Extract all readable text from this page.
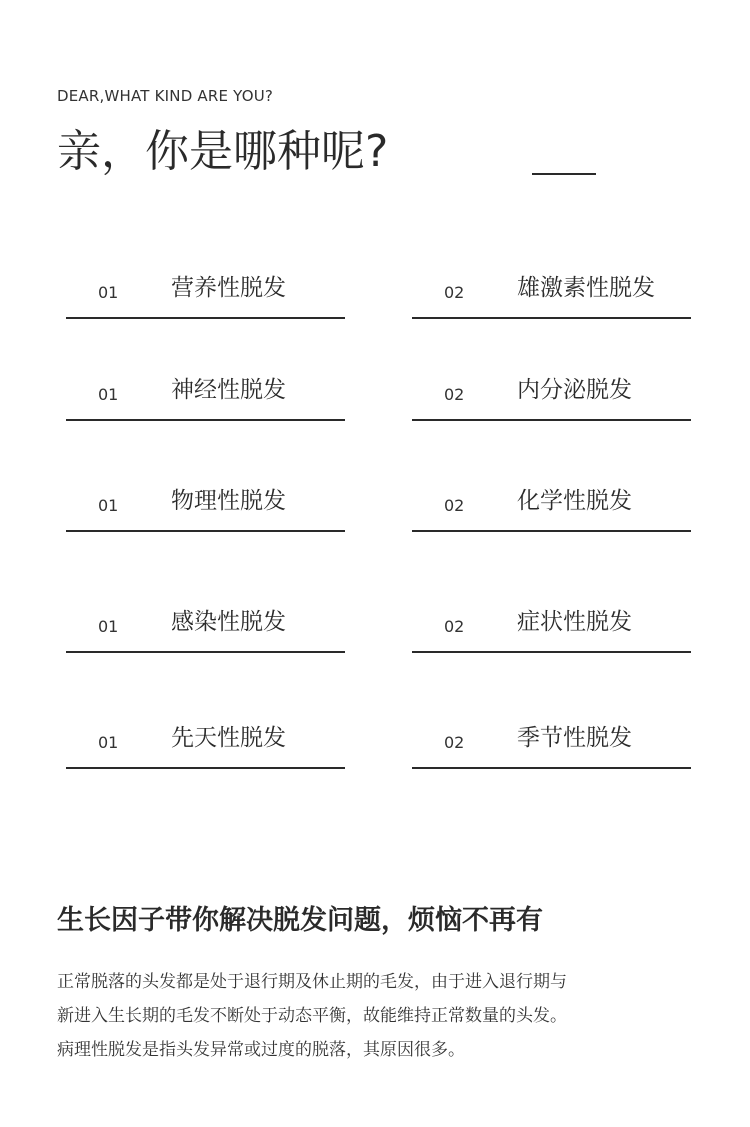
DEAR,WHAT KIND ARE YOU?
亲，你是哪种呢?
01 营养性脱发	02 雄激素性脱发
01 神经性脱发	02 内分泌脱发
01 物理性脱发	02 化学性脱发
01 感染性脱发	02 症状性脱发
01 先天性脱发	02 季节性脱发
生长因子带你解决脱发问题，烦恼不再有

正常脱落的头发都是处于退行期及休止期的毛发，由于进入退行期与

新进入生长期的毛发不断处于动态平衡，故能维持正常数量的头发。

病理性脱发是指头发异常或过度的脱落，其原因很多。
